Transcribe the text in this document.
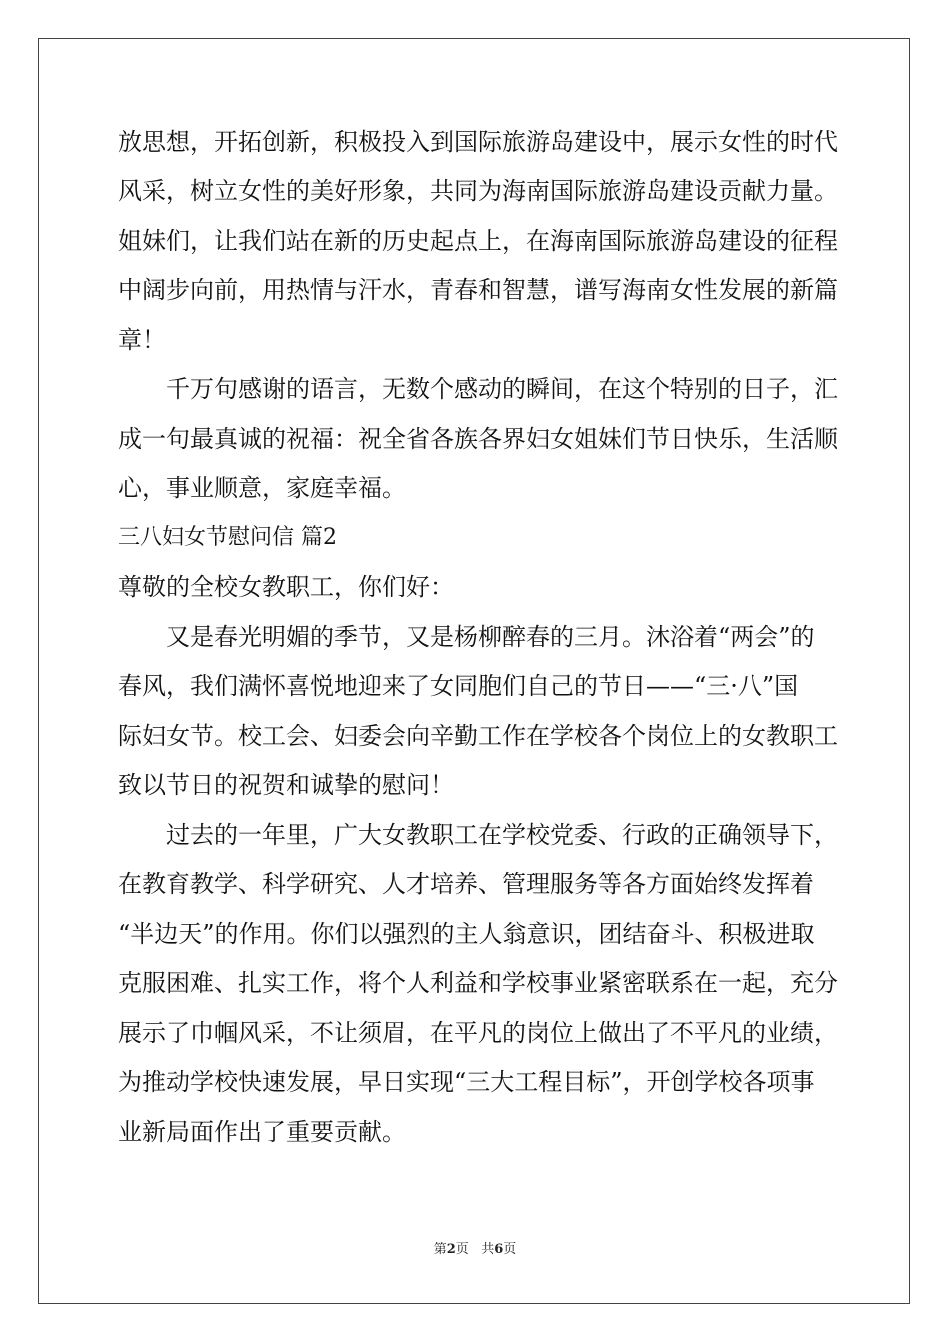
放思想，开拓创新，积极投入到国际旅游岛建设中，展示女性的时代
风采，树立女性的美好形象，共同为海南国际旅游岛建设贡献力量。
姐妹们，让我们站在新的历史起点上，在海南国际旅游岛建设的征程
中阔步向前，用热情与汗水，青春和智慧，谱写海南女性发展的新篇
章！
　　千万句感谢的语言，无数个感动的瞬间，在这个特别的日子，汇
成一句最真诚的祝福：祝全省各族各界妇女姐妹们节日快乐，生活顺
心，事业顺意，家庭幸福。
三八妇女节慰问信 篇2
尊敬的全校女教职工，你们好：
　　又是春光明媚的季节，又是杨柳醉春的三月。沐浴着“两会”的
春风，我们满怀喜悦地迎来了女同胞们自己的节日——“三·八”国
际妇女节。校工会、妇委会向辛勤工作在学校各个岗位上的女教职工
致以节日的祝贺和诚挚的慰问！
　　过去的一年里，广大女教职工在学校党委、行政的正确领导下，
在教育教学、科学研究、人才培养、管理服务等各方面始终发挥着
“半边天”的作用。你们以强烈的主人翁意识，团结奋斗、积极进取
克服困难、扎实工作，将个人利益和学校事业紧密联系在一起，充分
展示了巾帼风采，不让须眉，在平凡的岗位上做出了不平凡的业绩，
为推动学校快速发展，早日实现“三大工程目标”，开创学校各项事
业新局面作出了重要贡献。
第2页 共6页
